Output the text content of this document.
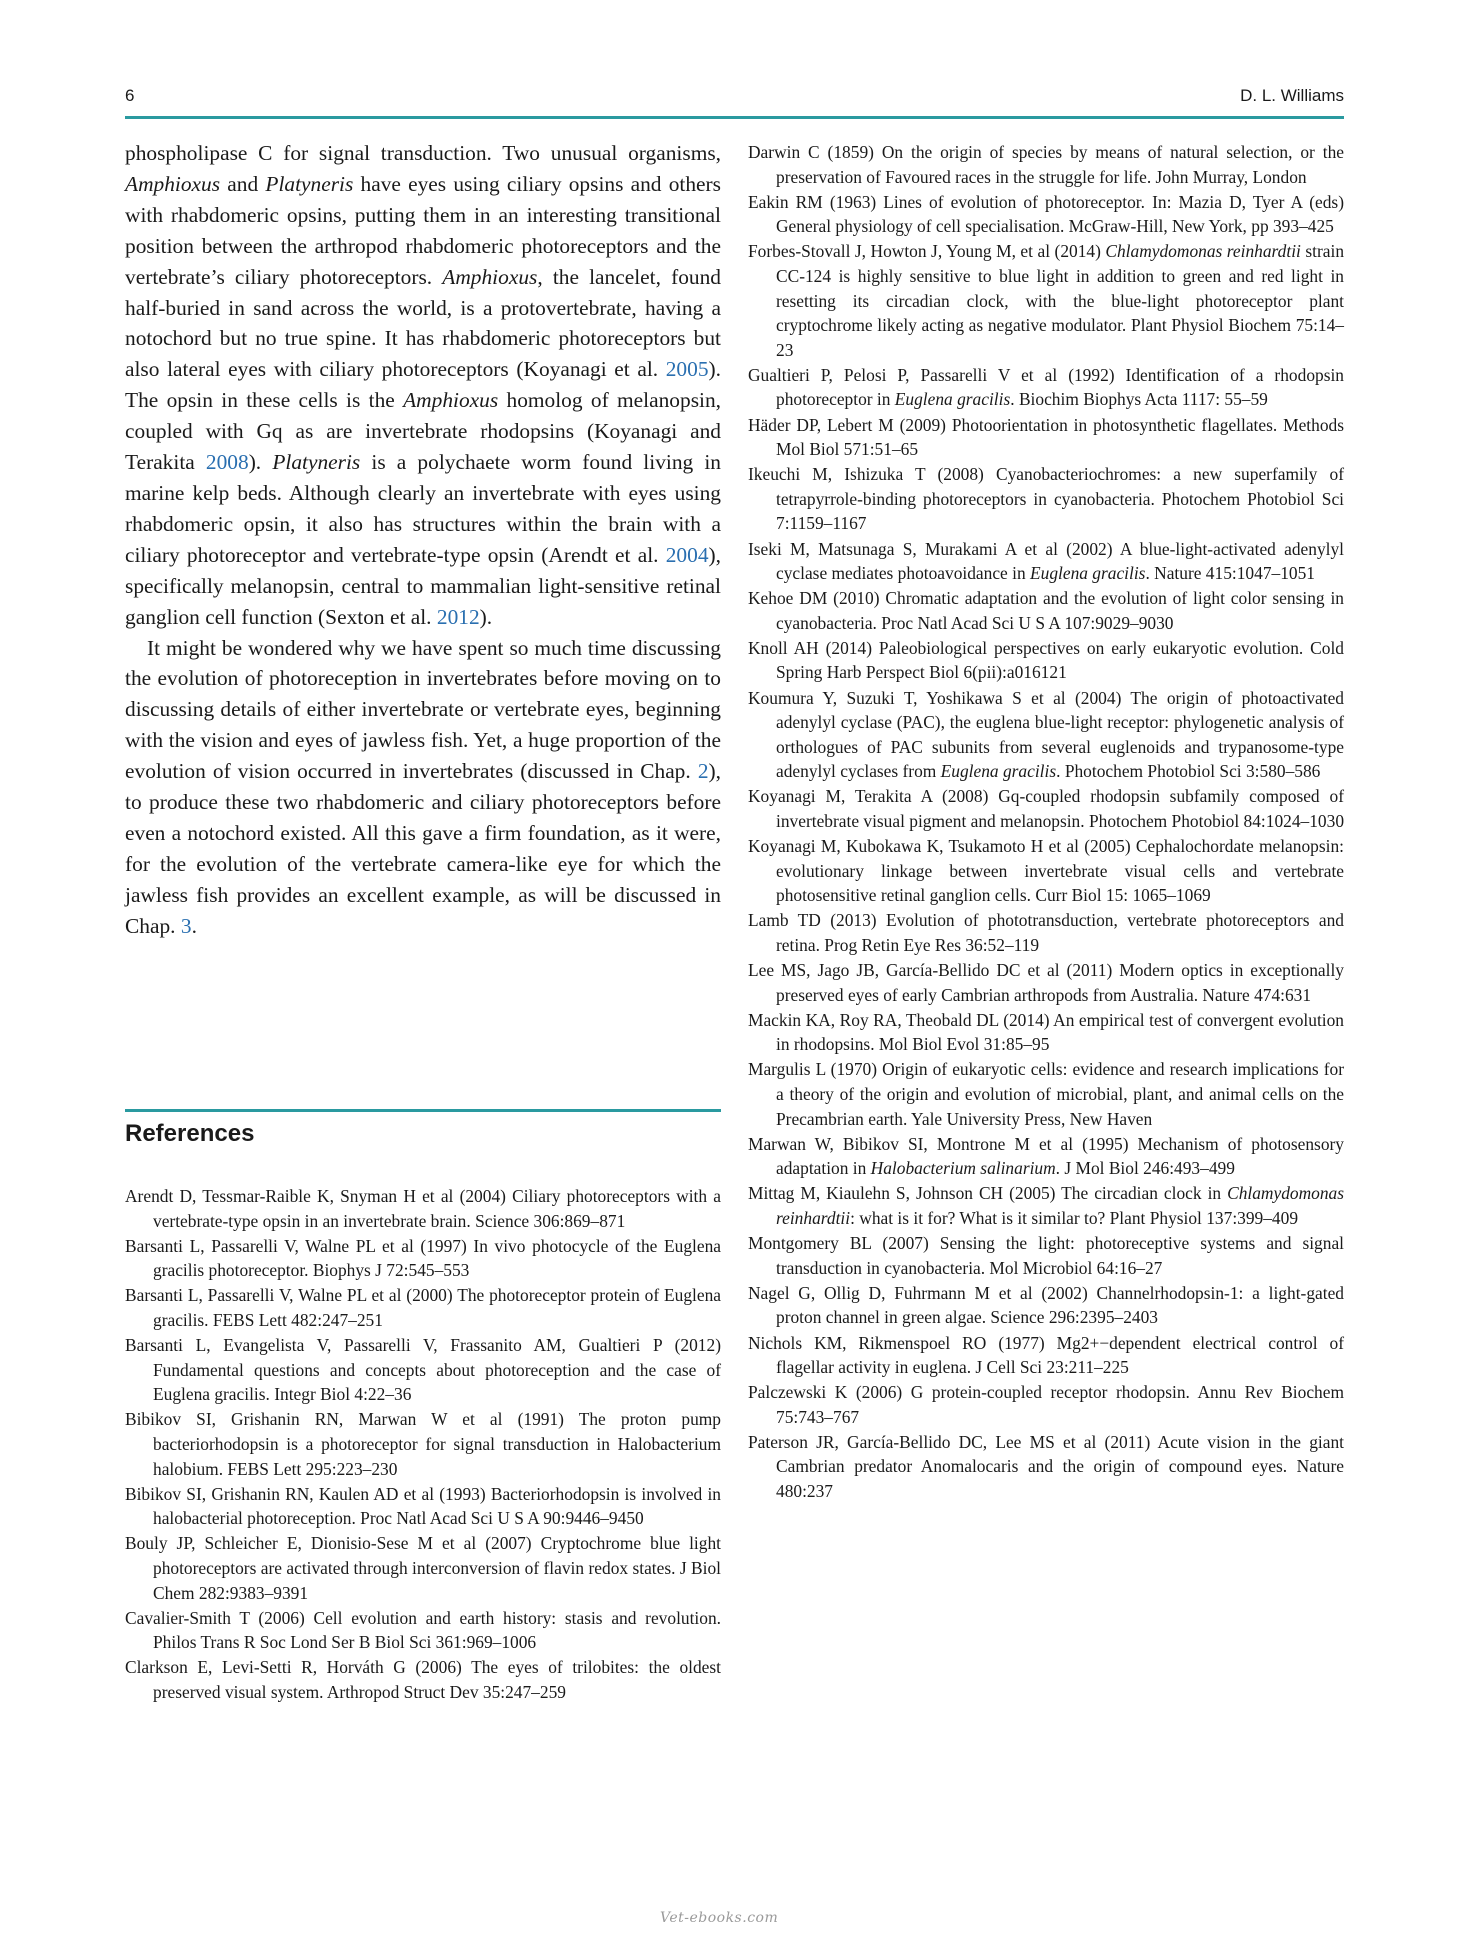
6	D. L. Williams

phospholipase C for signal transduction. Two unusual organisms, Amphioxus and Platyneris have eyes using ciliary opsins and others with rhabdomeric opsins, putting them in an interesting transitional position between the arthropod rhabdomeric photoreceptors and the vertebrate’s ciliary photoreceptors. Amphioxus, the lancelet, found half-buried in sand across the world, is a protovertebrate, having a notochord but no true spine. It has rhabdomeric photoreceptors but also lateral eyes with ciliary photoreceptors (Koyanagi et al. 2005). The opsin in these cells is the Amphioxus homolog of melanopsin, coupled with Gq as are invertebrate rhodopsins (Koyanagi and Terakita 2008). Platyneris is a polychaete worm found living in marine kelp beds. Although clearly an invertebrate with eyes using rhabdomeric opsin, it also has structures within the brain with a ciliary photoreceptor and vertebrate-type opsin (Arendt et al. 2004), specifically melanopsin, central to mammalian light-sensitive retinal ganglion cell function (Sexton et al. 2012).

It might be wondered why we have spent so much time discussing the evolution of photoreception in invertebrates before moving on to discussing details of either invertebrate or vertebrate eyes, beginning with the vision and eyes of jawless fish. Yet, a huge proportion of the evolution of vision occurred in invertebrates (discussed in Chap. 2), to produce these two rhabdomeric and ciliary photoreceptors before even a notochord existed. All this gave a firm foundation, as it were, for the evolution of the vertebrate camera-like eye for which the jawless fish provides an excellent example, as will be discussed in Chap. 3.

References

Arendt D, Tessmar-Raible K, Snyman H et al (2004) Ciliary photoreceptors with a vertebrate-type opsin in an invertebrate brain. Science 306:869–871

Barsanti L, Passarelli V, Walne PL et al (1997) In vivo photocycle of the Euglena gracilis photoreceptor. Biophys J 72:545–553

Barsanti L, Passarelli V, Walne PL et al (2000) The photoreceptor protein of Euglena gracilis. FEBS Lett 482:247–251

Barsanti L, Evangelista V, Passarelli V, Frassanito AM, Gualtieri P (2012) Fundamental questions and concepts about photoreception and the case of Euglena gracilis. Integr Biol 4:22–36

Bibikov SI, Grishanin RN, Marwan W et al (1991) The proton pump bacteriorhodopsin is a photoreceptor for signal transduction in Halobacterium halobium. FEBS Lett 295:223–230

Bibikov SI, Grishanin RN, Kaulen AD et al (1993) Bacteriorhodopsin is involved in halobacterial photoreception. Proc Natl Acad Sci U S A 90:9446–9450

Bouly JP, Schleicher E, Dionisio-Sese M et al (2007) Cryptochrome blue light photoreceptors are activated through interconversion of flavin redox states. J Biol Chem 282:9383–9391

Cavalier-Smith T (2006) Cell evolution and earth history: stasis and revolution. Philos Trans R Soc Lond Ser B Biol Sci 361:969–1006

Clarkson E, Levi-Setti R, Horváth G (2006) The eyes of trilobites: the oldest preserved visual system. Arthropod Struct Dev 35:247–259

Darwin C (1859) On the origin of species by means of natural selection, or the preservation of Favoured races in the struggle for life. John Murray, London

Eakin RM (1963) Lines of evolution of photoreceptor. In: Mazia D, Tyer A (eds) General physiology of cell specialisation. McGraw-Hill, New York, pp 393–425

Forbes-Stovall J, Howton J, Young M, et al (2014) Chlamydomonas reinhardtii strain CC-124 is highly sensitive to blue light in addition to green and red light in resetting its circadian clock, with the blue-light photoreceptor plant cryptochrome likely acting as negative modulator. Plant Physiol Biochem 75:14–23

Gualtieri P, Pelosi P, Passarelli V et al (1992) Identification of a rhodopsin photoreceptor in Euglena gracilis. Biochim Biophys Acta 1117: 55–59

Häder DP, Lebert M (2009) Photoorientation in photosynthetic flagellates. Methods Mol Biol 571:51–65

Ikeuchi M, Ishizuka T (2008) Cyanobacteriochromes: a new superfamily of tetrapyrrole-binding photoreceptors in cyanobacteria. Photochem Photobiol Sci 7:1159–1167

Iseki M, Matsunaga S, Murakami A et al (2002) A blue-light-activated adenylyl cyclase mediates photoavoidance in Euglena gracilis. Nature 415:1047–1051

Kehoe DM (2010) Chromatic adaptation and the evolution of light color sensing in cyanobacteria. Proc Natl Acad Sci U S A 107:9029–9030

Knoll AH (2014) Paleobiological perspectives on early eukaryotic evolution. Cold Spring Harb Perspect Biol 6(pii):a016121

Koumura Y, Suzuki T, Yoshikawa S et al (2004) The origin of photoactivated adenylyl cyclase (PAC), the euglena blue-light receptor: phylogenetic analysis of orthologues of PAC subunits from several euglenoids and trypanosome-type adenylyl cyclases from Euglena gracilis. Photochem Photobiol Sci 3:580–586

Koyanagi M, Terakita A (2008) Gq-coupled rhodopsin subfamily composed of invertebrate visual pigment and melanopsin. Photochem Photobiol 84:1024–1030

Koyanagi M, Kubokawa K, Tsukamoto H et al (2005) Cephalochordate melanopsin: evolutionary linkage between invertebrate visual cells and vertebrate photosensitive retinal ganglion cells. Curr Biol 15: 1065–1069

Lamb TD (2013) Evolution of phototransduction, vertebrate photoreceptors and retina. Prog Retin Eye Res 36:52–119

Lee MS, Jago JB, García-Bellido DC et al (2011) Modern optics in exceptionally preserved eyes of early Cambrian arthropods from Australia. Nature 474:631

Mackin KA, Roy RA, Theobald DL (2014) An empirical test of convergent evolution in rhodopsins. Mol Biol Evol 31:85–95

Margulis L (1970) Origin of eukaryotic cells: evidence and research implications for a theory of the origin and evolution of microbial, plant, and animal cells on the Precambrian earth. Yale University Press, New Haven

Marwan W, Bibikov SI, Montrone M et al (1995) Mechanism of photosensory adaptation in Halobacterium salinarium. J Mol Biol 246:493–499

Mittag M, Kiaulehn S, Johnson CH (2005) The circadian clock in Chlamydomonas reinhardtii: what is it for? What is it similar to? Plant Physiol 137:399–409

Montgomery BL (2007) Sensing the light: photoreceptive systems and signal transduction in cyanobacteria. Mol Microbiol 64:16–27

Nagel G, Ollig D, Fuhrmann M et al (2002) Channelrhodopsin-1: a light-gated proton channel in green algae. Science 296:2395–2403

Nichols KM, Rikmenspoel RO (1977) Mg2+−dependent electrical control of flagellar activity in euglena. J Cell Sci 23:211–225

Palczewski K (2006) G protein-coupled receptor rhodopsin. Annu Rev Biochem 75:743–767

Paterson JR, García-Bellido DC, Lee MS et al (2011) Acute vision in the giant Cambrian predator Anomalocaris and the origin of compound eyes. Nature 480:237

Vet-ebooks.com
